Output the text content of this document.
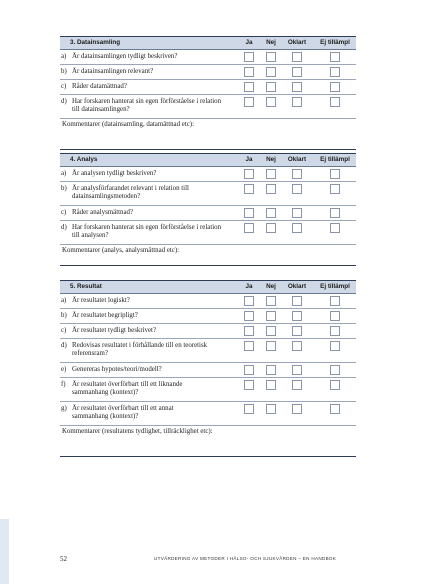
3. Datainsamling	Ja	Nej	Oklart	Ej tillämpl
a) Är datainsamlingen tydligt beskriven?
b) Är datainsamlingen relevant?
c) Råder datamättnad?
d) Har forskaren hanterat sin egen förförståelse i relation till datainsamlingen?
Kommentarer (datainsamling, datamättnad etc):
4. Analys	Ja	Nej	Oklart	Ej tillämpl
a) Är analysen tydligt beskriven?
b) Är analysförfarandet relevant i relation till datainsamlingsmetoden?
c) Råder analysmättnad?
d) Har forskaren hanterat sin egen förförståelse i relation till analysen?
Kommentarer (analys, analysmättnad etc):
5. Resultat	Ja	Nej	Oklart	Ej tillämpl
a) Är resultatet logiskt?
b) Är resultatet begripligt?
c) Är resultatet tydligt beskrivet?
d) Redovisas resultatet i förhållande till en teoretisk referensram?
e) Genereras hypotes/teori/modell?
f) Är resultatet överförbart till ett liknande sammanhang (kontext)?
g) Är resultatet överförbart till ett annat sammanhang (kontext)?
Kommentarer (resultatens tydlighet, tillräcklighet etc):
52	UTVÄRDERING AV METODER I HÄLSO- OCH SJUKVÅRDEN – EN HANDBOK
